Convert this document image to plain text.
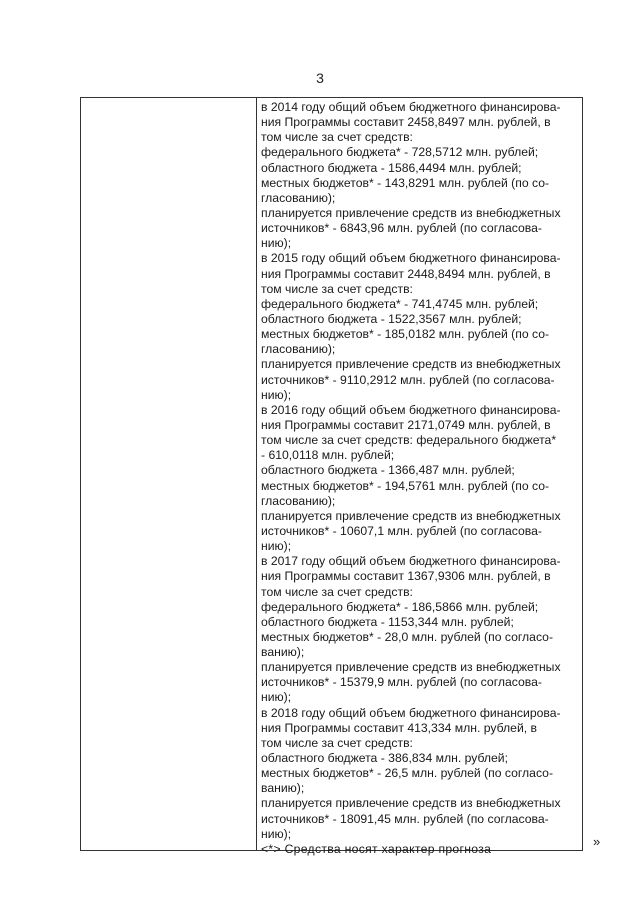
3
в 2014 году общий объем бюджетного финансирова-
ния Программы составит 2458,8497 млн. рублей, в
том числе за счет средств:
федерального бюджета* - 728,5712 млн. рублей;
областного бюджета - 1586,4494 млн. рублей;
местных бюджетов* - 143,8291 млн. рублей (по со-
гласованию);
планируется привлечение средств из внебюджетных
источников* - 6843,96 млн. рублей (по согласова-
нию);
в 2015 году общий объем бюджетного финансирова-
ния Программы составит 2448,8494 млн. рублей, в
том числе за счет средств:
федерального бюджета* - 741,4745 млн. рублей;
областного бюджета - 1522,3567 млн. рублей;
местных бюджетов* - 185,0182 млн. рублей (по со-
гласованию);
планируется привлечение средств из внебюджетных
источников* - 9110,2912 млн. рублей (по согласова-
нию);
в 2016 году общий объем бюджетного финансирова-
ния Программы составит 2171,0749 млн. рублей, в
том числе за счет средств: федерального бюджета*
- 610,0118 млн. рублей;
областного бюджета - 1366,487 млн. рублей;
местных бюджетов* - 194,5761 млн. рублей (по со-
гласованию);
планируется привлечение средств из внебюджетных
источников* - 10607,1 млн. рублей (по согласова-
нию);
в 2017 году общий объем бюджетного финансирова-
ния Программы составит 1367,9306 млн. рублей, в
том числе за счет средств:
федерального бюджета* - 186,5866 млн. рублей;
областного бюджета - 1153,344 млн. рублей;
местных бюджетов* - 28,0 млн. рублей (по согласо-
ванию);
планируется привлечение средств из внебюджетных
источников* - 15379,9 млн. рублей (по согласова-
нию);
в 2018 году общий объем бюджетного финансирова-
ния Программы составит 413,334 млн. рублей, в
том числе за счет средств:
областного бюджета - 386,834 млн. рублей;
местных бюджетов* - 26,5 млн. рублей (по согласо-
ванию);
планируется привлечение средств из внебюджетных
источников* - 18091,45 млн. рублей (по согласова-
нию);
<*> Средства носят характер прогноза	»
